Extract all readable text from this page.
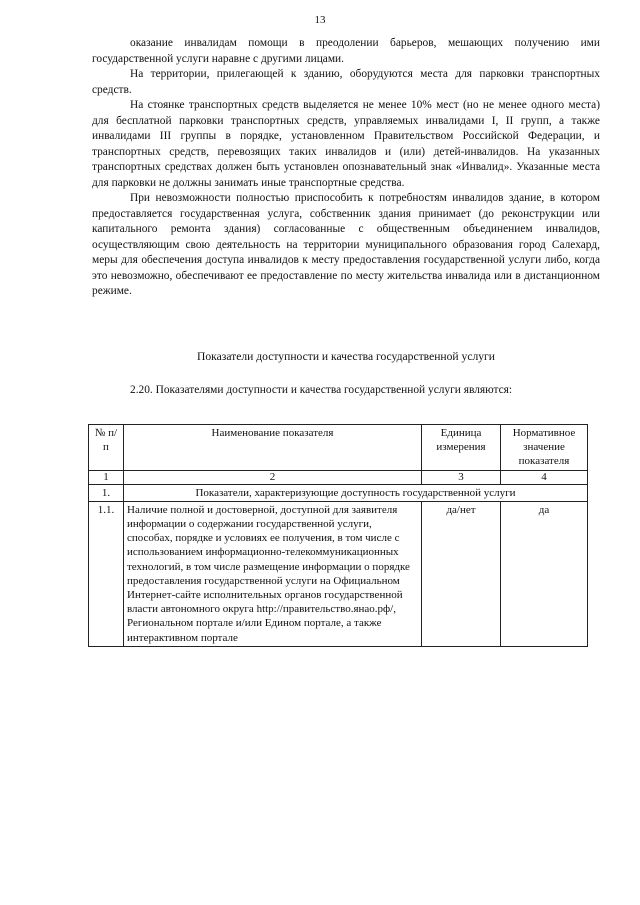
13

оказание инвалидам помощи в преодолении барьеров, мешающих получению ими государственной услуги наравне с другими лицами.

На территории, прилегающей к зданию, оборудуются места для парковки транспортных средств.

На стоянке транспортных средств выделяется не менее 10% мест (но не менее одного места) для бесплатной парковки транспортных средств, управляемых инвалидами I, II групп, а также инвалидами III группы в порядке, установленном Правительством Российской Федерации, и транспортных средств, перевозящих таких инвалидов и (или) детей-инвалидов. На указанных транспортных средствах должен быть установлен опознавательный знак «Инвалид». Указанные места для парковки не должны занимать иные транспортные средства.

При невозможности полностью приспособить к потребностям инвалидов здание, в котором предоставляется государственная услуга, собственник здания принимает (до реконструкции или капитального ремонта здания) согласованные с общественным объединением инвалидов, осуществляющим свою деятельность на территории муниципального образования город Салехард, меры для обеспечения доступа инвалидов к месту предоставления государственной услуги либо, когда это невозможно, обеспечивают ее предоставление по месту жительства инвалида или в дистанционном режиме.

Показатели доступности и качества государственной услуги

2.20. Показателями доступности и качества государственной услуги являются:

№ п/п	Наименование показателя	Единица измерения	Нормативное значение показателя
1	2	3	4
1.	Показатели, характеризующие доступность государственной услуги		
1.1.	Наличие полной и достоверной, доступной для заявителя информации о содержании государственной услуги, способах, порядке и условиях ее получения, в том числе с использованием информационно-телекоммуникационных технологий, в том числе размещение информации о порядке предоставления государственной услуги на Официальном Интернет-сайте исполнительных органов государственной власти автономного округа http://правительство.янао.рф/, Региональном портале и/или Едином портале, а также интерактивном портале	да/нет	да
